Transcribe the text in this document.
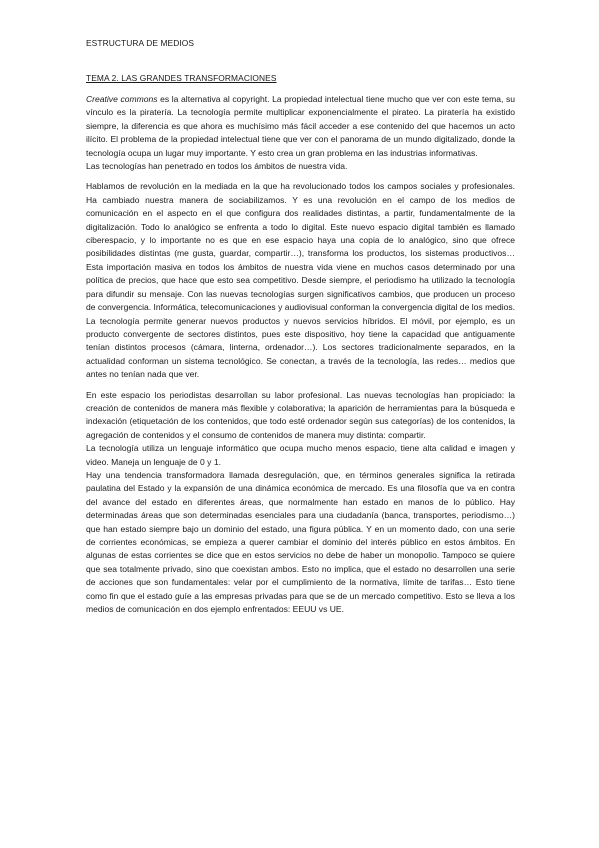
ESTRUCTURA DE MEDIOS

TEMA 2. LAS GRANDES TRANSFORMACIONES

Creative commons es la alternativa al copyright. La propiedad intelectual tiene mucho que ver con este tema, su vínculo es la piratería. La tecnología permite multiplicar exponencialmente el pirateo. La piratería ha existido siempre, la diferencia es que ahora es muchísimo más fácil acceder a ese contenido del que hacemos un acto ilícito. El problema de la propiedad intelectual tiene que ver con el panorama de un mundo digitalizado, donde la tecnología ocupa un lugar muy importante. Y esto crea un gran problema en las industrias informativas.

Las tecnologías han penetrado en todos los ámbitos de nuestra vida.

Hablamos de revolución en la mediada en la que ha revolucionado todos los campos sociales y profesionales. Ha cambiado nuestra manera de sociabilizamos. Y es una revolución en el campo de los medios de comunicación en el aspecto en el que configura dos realidades distintas, a partir, fundamentalmente de la digitalización. Todo lo analógico se enfrenta a todo lo digital. Este nuevo espacio digital también es llamado ciberespacio, y lo importante no es que en ese espacio haya una copia de lo analógico, sino que ofrece posibilidades distintas (me gusta, guardar, compartir…), transforma los productos, los sistemas productivos… Esta importación masiva en todos los ámbitos de nuestra vida viene en muchos casos determinado por una política de precios, que hace que esto sea competitivo. Desde siempre, el periodismo ha utilizado la tecnología para difundir su mensaje. Con las nuevas tecnologías surgen significativos cambios, que producen un proceso de convergencia. Informática, telecomunicaciones y audiovisual conforman la convergencia digital de los medios. La tecnología permite generar nuevos productos y nuevos servicios híbridos. El móvil, por ejemplo, es un producto convergente de sectores distintos, pues este dispositivo, hoy tiene la capacidad que antiguamente tenían distintos procesos (cámara, linterna, ordenador…). Los sectores tradicionalmente separados, en la actualidad conforman un sistema tecnológico. Se conectan, a través de la tecnología, las redes… medios que antes no tenían nada que ver.

En este espacio los periodistas desarrollan su labor profesional. Las nuevas tecnologías han propiciado: la creación de contenidos de manera más flexible y colaborativa; la aparición de herramientas para la búsqueda e indexación (etiquetación de los contenidos, que todo esté ordenador según sus categorías) de los contenidos, la agregación de contenidos y el consumo de contenidos de manera muy distinta: compartir.

La tecnología utiliza un lenguaje informático que ocupa mucho menos espacio, tiene alta calidad e imagen y video. Maneja un lenguaje de 0 y 1.

Hay una tendencia transformadora llamada desregulación, que, en términos generales significa la retirada paulatina del Estado y la expansión de una dinámica económica de mercado. Es una filosofía que va en contra del avance del estado en diferentes áreas, que normalmente han estado en manos de lo público. Hay determinadas áreas que son determinadas esenciales para una ciudadanía (banca, transportes, periodismo…) que han estado siempre bajo un dominio del estado, una figura pública. Y en un momento dado, con una serie de corrientes económicas, se empieza a querer cambiar el dominio del interés público en estos ámbitos. En algunas de estas corrientes se dice que en estos servicios no debe de haber un monopolio. Tampoco se quiere que sea totalmente privado, sino que coexistan ambos. Esto no implica, que el estado no desarrollen una serie de acciones que son fundamentales: velar por el cumplimiento de la normativa, límite de tarifas… Esto tiene como fin que el estado guíe a las empresas privadas para que se de un mercado competitivo. Esto se lleva a los medios de comunicación en dos ejemplo enfrentados: EEUU vs UE.
